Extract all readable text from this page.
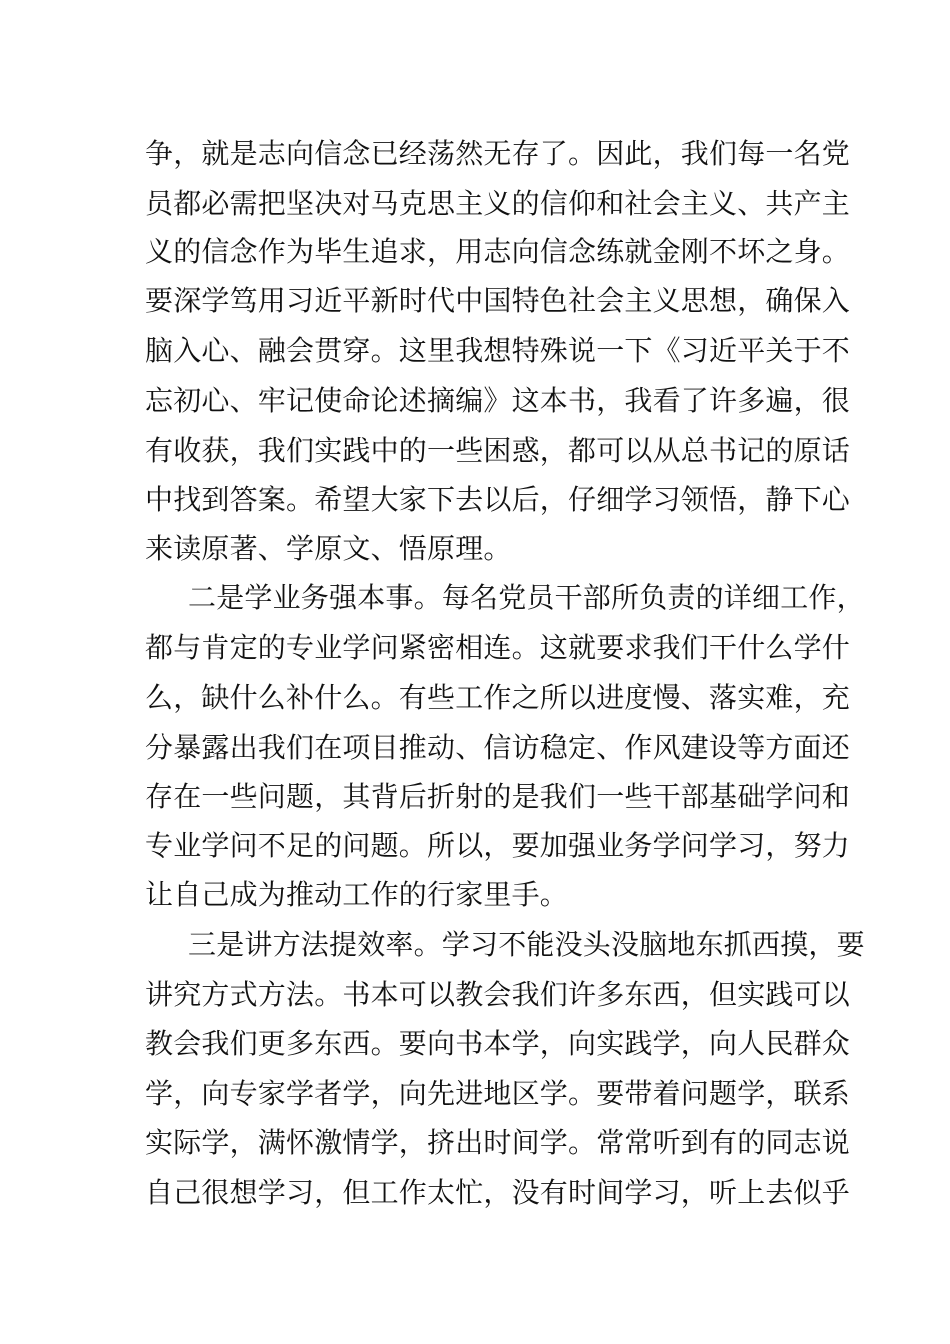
争，就是志向信念已经荡然无存了。因此，我们每一名党
员都必需把坚决对马克思主义的信仰和社会主义、共产主
义的信念作为毕生追求，用志向信念练就金刚不坏之身。
要深学笃用习近平新时代中国特色社会主义思想，确保入
脑入心、融会贯穿。这里我想特殊说一下《习近平关于不
忘初心、牢记使命论述摘编》这本书，我看了许多遍，很
有收获，我们实践中的一些困惑，都可以从总书记的原话
中找到答案。希望大家下去以后，仔细学习领悟，静下心
来读原著、学原文、悟原理。
二是学业务强本事。每名党员干部所负责的详细工作，
都与肯定的专业学问紧密相连。这就要求我们干什么学什
么，缺什么补什么。有些工作之所以进度慢、落实难，充
分暴露出我们在项目推动、信访稳定、作风建设等方面还
存在一些问题，其背后折射的是我们一些干部基础学问和
专业学问不足的问题。所以，要加强业务学问学习，努力
让自己成为推动工作的行家里手。
三是讲方法提效率。学习不能没头没脑地东抓西摸，要
讲究方式方法。书本可以教会我们许多东西，但实践可以
教会我们更多东西。要向书本学，向实践学，向人民群众
学，向专家学者学，向先进地区学。要带着问题学，联系
实际学，满怀激情学，挤出时间学。常常听到有的同志说
自己很想学习，但工作太忙，没有时间学习，听上去似乎
